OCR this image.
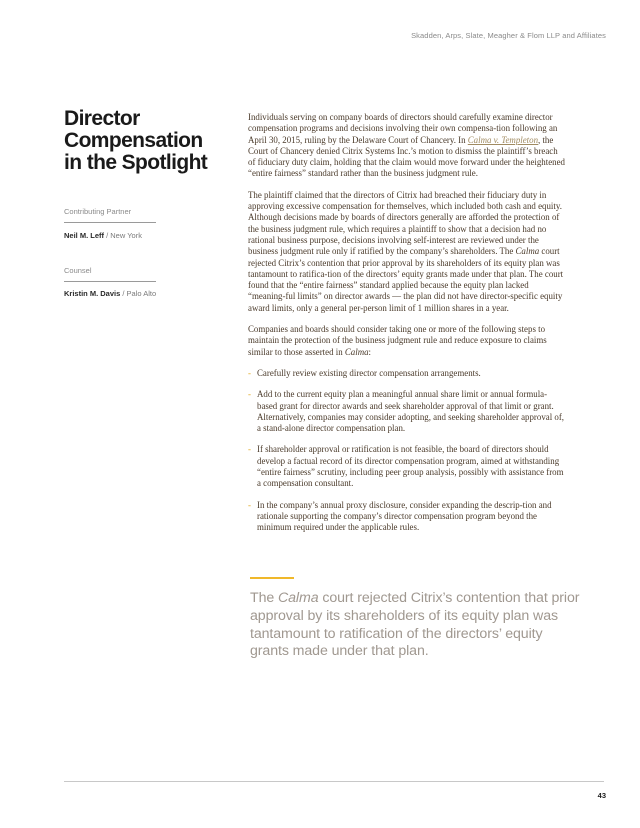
Skadden, Arps, Slate, Meagher & Flom LLP and Affiliates
Director
Compensation
in the Spotlight
Contributing Partner
Neil M. Leff / New York
Counsel
Kristin M. Davis / Palo Alto

Individuals serving on company boards of directors should carefully examine director compensation programs and decisions involving their own compensa-tion following an April 30, 2015, ruling by the Delaware Court of Chancery. In Calma v. Templeton, the Court of Chancery denied Citrix Systems Inc.’s motion to dismiss the plaintiff’s breach of fiduciary duty claim, holding that the claim would move forward under the heightened “entire fairness” standard rather than the business judgment rule.

The plaintiff claimed that the directors of Citrix had breached their fiduciary duty in approving excessive compensation for themselves, which included both cash and equity. Although decisions made by boards of directors generally are afforded the protection of the business judgment rule, which requires a plaintiff to show that a decision had no rational business purpose, decisions involving self-interest are reviewed under the business judgment rule only if ratified by the company’s shareholders. The Calma court rejected Citrix’s contention that prior approval by its shareholders of its equity plan was tantamount to ratifica-tion of the directors’ equity grants made under that plan. The court found that the “entire fairness” standard applied because the equity plan lacked “meaning-ful limits” on director awards — the plan did not have director-specific equity award limits, only a general per-person limit of 1 million shares in a year.

Companies and boards should consider taking one or more of the following steps to maintain the protection of the business judgment rule and reduce exposure to claims similar to those asserted in Calma:

- Carefully review existing director compensation arrangements.
- Add to the current equity plan a meaningful annual share limit or annual formula-based grant for director awards and seek shareholder approval of that limit or grant. Alternatively, companies may consider adopting, and seeking shareholder approval of, a stand-alone director compensation plan.
- If shareholder approval or ratification is not feasible, the board of directors should develop a factual record of its director compensation program, aimed at withstanding “entire fairness” scrutiny, including peer group analysis, possibly with assistance from a compensation consultant.
- In the company’s annual proxy disclosure, consider expanding the descrip-tion and rationale supporting the company’s director compensation program beyond the minimum required under the applicable rules.
The Calma court rejected Citrix’s contention that prior approval by its shareholders of its equity plan was tantamount to ratification of the directors’ equity grants made under that plan.
43
